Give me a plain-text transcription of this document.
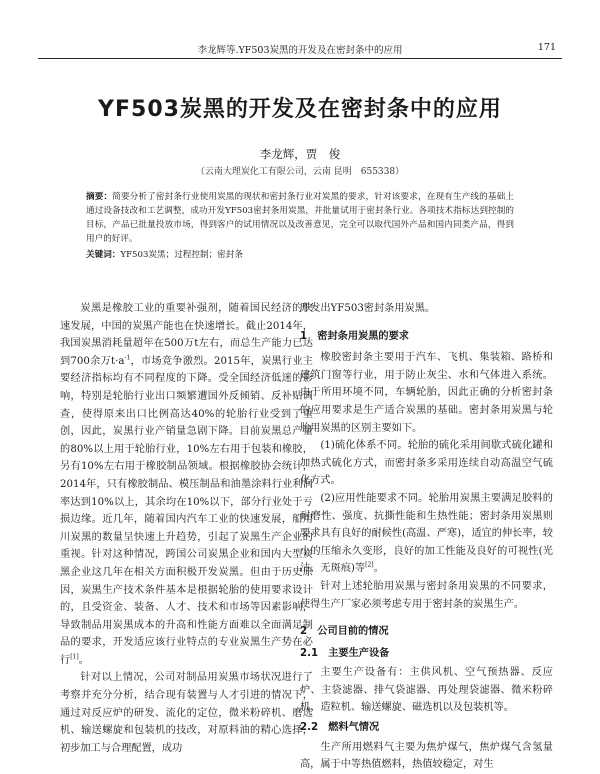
李龙辉等.YF503炭黑的开发及在密封条中的应用	171
YF503炭黑的开发及在密封条中的应用
李龙辉，贾　俊
（云南大理炭化工有限公司，云南 昆明　655338）
摘要：简要分析了密封条行业使用炭黑的现状和密封条行业对炭黑的要求，针对该要求，在现有生产线的基础上通过设备技改和工艺调整，成功开发YF503密封条用炭黑，并批量试用于密封条行业。各项技术指标达到控制的目标，产品已批量投放市场，得到客户的试用情况以及改善意见，完全可以取代国外产品和国内同类产品，得到用户的好评。
关键词：YF503炭黑；过程控制；密封条

炭黑是橡胶工业的重要补强剂，随着国民经济的快速发展，中国的炭黑产能也在快速增长。截止2014年，我国炭黑消耗量超年在500万t左右，而总生产能力已达到700余万$t\cdot a^{-1}$，市场竞争激烈。2015年，炭黑行业主要经济指标均有不同程度的下降。受全国经济低迷的影响，特别是轮胎行业出口频繁遭国外反倾销、反补贴调查，使得原来出口比例高达40%的轮胎行业受到了重创，因此，炭黑行业产销量急剧下降。目前炭黑总产量的80%以上用于轮胎行业，10%左右用于包装和橡胶，另有10%左右用于橡胶制品领域。根据橡胶协会统计，2014年，只有橡胶制品、模压制品和油墨涂料行业利润率达到10%以上，其余均在10%以下，部分行业处于亏损边缘。近几年，随着国内汽车工业的快速发展，船用川炭黑的数量呈快速上升趋势，引起了炭黑生产企业的重视。针对这种情况，跨国公司炭黑企业和国内大型炭黑企业这几年在相关方面积极开发炭黑。但由于历史原因，炭黑生产技术条件基本是根据轮胎的使用要求设计的，且受资金、装备、人才、技术和市场等因素影响，导致制品用炭黑成本的升高和性能方面难以全面满足制品的要求，开发适应该行业特点的专业炭黑生产势在必行[1]。

针对以上情况，公司对制品用炭黑市场状况进行了考察并充分分析，结合现有装置与人才引进的情况下，通过对反应炉的研发、流化的定位，微米粉碎机、磨选机、输送螺旋和包装机的技改，对原料油的精心选择，初步加工与合理配置，成功

开发出YF503密封条用炭黑。

1　密封条用炭黑的要求

橡胶密封条主要用于汽车、飞机、集装箱、路桥和建筑门窗等行业，用于防止灰尘、水和气体进入系统。由于所用环境不同，车辆轮胎，因此正确的分析密封条的应用要求是生产适合炭黑的基础。密封条用炭黑与轮胎用炭黑的区别主要如下。

(1)硫化体系不同。轮胎的硫化采用间歇式硫化罐和加热式硫化方式，而密封条多采用连续自动高温空气硫化方式。

(2)应用性能要求不同。轮胎用炭黑主要满足胶料的耐磨性、强度、抗撕性能和生热性能；密封条用炭黑则要求具有良好的耐候性(高温、严寒)，适宜的伸长率，较小的压缩永久变形，良好的加工性能及良好的可视性(光洁、无斑痕)等[2]。

针对上述轮胎用炭黑与密封条用炭黑的不同要求，使得生产厂家必须考虑专用于密封条的炭黑生产。

2　公司目前的情况
2.1　主要生产设备

主要生产设备有：主供风机、空气预热器、反应炉、主袋滤器、排气袋滤器、再处理袋滤器、微米粉碎机、造粒机、输送螺旋、磁选机以及包装机等。

2.2　燃料气情况

生产所用燃料气主要为焦炉煤气，焦炉煤气含氢量高，属于中等热值燃料，热值较稳定，对生
